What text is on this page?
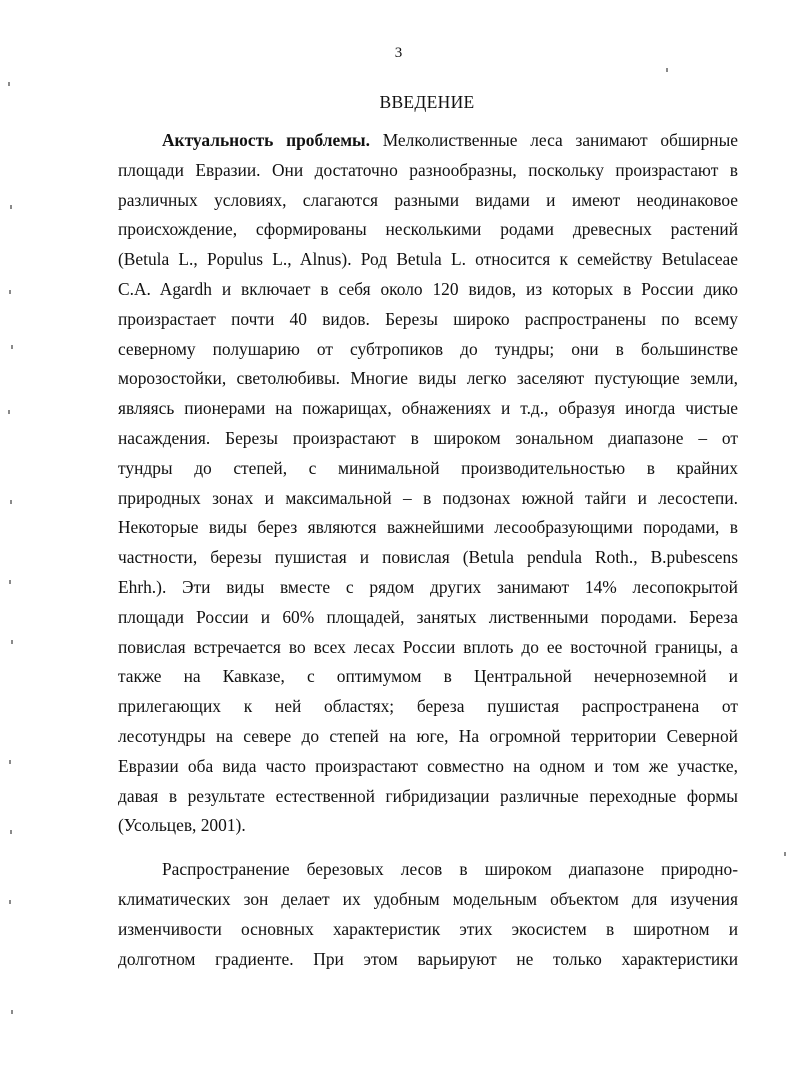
3
ВВЕДЕНИЕ
Актуальность проблемы. Мелколиственные леса занимают обширные
площади Евразии. Они достаточно разнообразны, поскольку произрастают в
различных условиях, слагаются разными видами и имеют неодинаковое
происхождение, сформированы несколькими родами древесных растений
(Betula L., Populus L., Alnus). Род Betula L. относится к семейству Betulaceae
C.A. Agardh и включает в себя около 120 видов, из которых в России дико
произрастает почти 40 видов. Березы широко распространены по всему
северному полушарию от субтропиков до тундры; они в большинстве
морозостойки, светолюбивы. Многие виды легко заселяют пустующие земли,
являясь пионерами на пожарищах, обнажениях и т.д., образуя иногда чистые
насаждения. Березы произрастают в широком зональном диапазоне – от
тундры до степей, с минимальной производительностью в крайних
природных зонах и максимальной – в подзонах южной тайги и лесостепи.
Некоторые виды берез являются важнейшими лесообразующими породами, в
частности, березы пушистая и повислая (Betula pendula Roth., B.pubescens
Ehrh.). Эти виды вместе с рядом других занимают 14% лесопокрытой
площади России и 60% площадей, занятых лиственными породами. Береза
повислая встречается во всех лесах России вплоть до ее восточной границы, а
также на Кавказе, с оптимумом в Центральной нечерноземной и
прилегающих к ней областях; береза пушистая распространена от
лесотундры на севере до степей на юге, На огромной территории Северной
Евразии оба вида часто произрастают совместно на одном и том же участке,
давая в результате естественной гибридизации различные переходные формы
(Усольцев, 2001).
Распространение березовых лесов в широком диапазоне природно-
климатических зон делает их удобным модельным объектом для изучения
изменчивости основных характеристик этих экосистем в широтном и
долготном градиенте. При этом варьируют не только характеристики
